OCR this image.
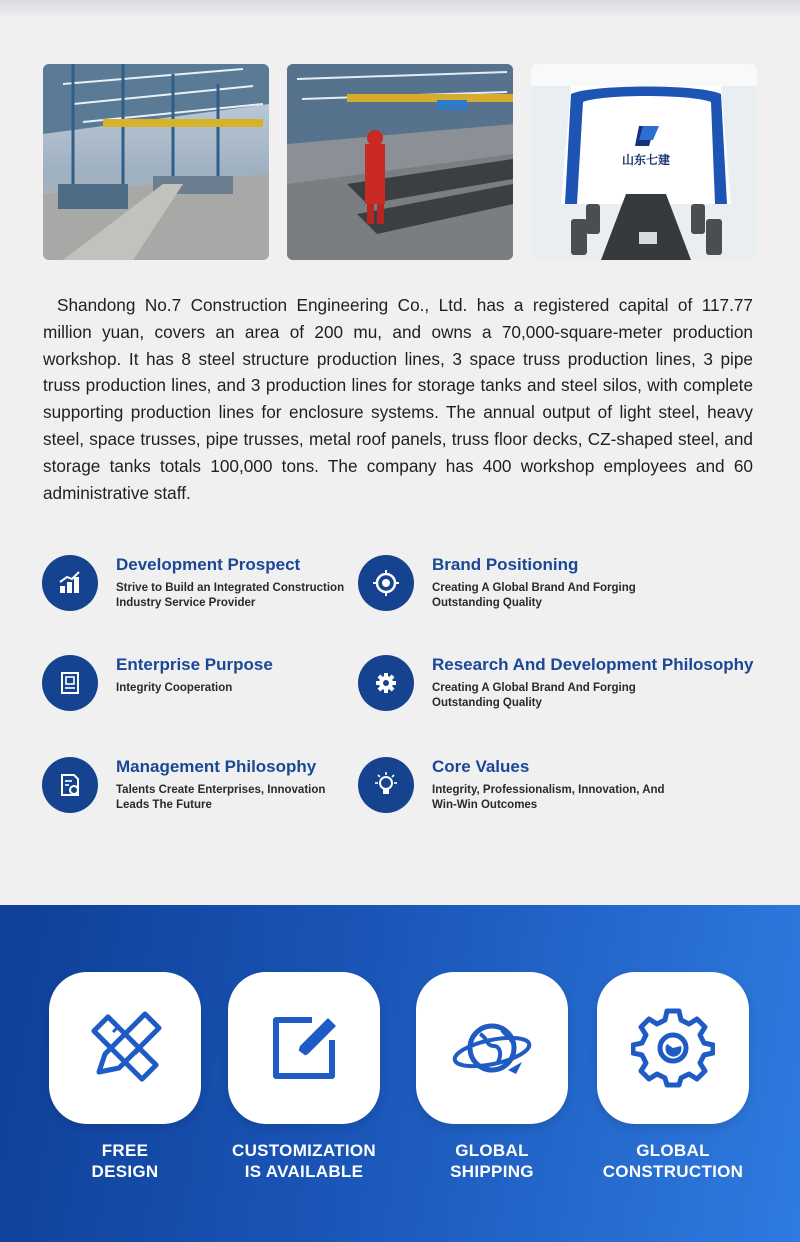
山东七建

Shandong No.7 Construction Engineering Co., Ltd. has a registered capital of 117.77 million yuan, covers an area of 200 mu, and owns a 70,000-square-meter production workshop. It has 8 steel structure production lines, 3 space truss production lines, 3 pipe truss production lines, and 3 production lines for storage tanks and steel silos, with complete supporting production lines for enclosure systems. The annual output of light steel, heavy steel, space trusses, pipe trusses, metal roof panels, truss floor decks, CZ-shaped steel, and storage tanks totals 100,000 tons. The company has 400 workshop employees and 60 administrative staff.

Development Prospect
Strive to Build an Integrated Construction Industry Service Provider
Brand Positioning
Creating A Global Brand And Forging Outstanding Quality
Enterprise Purpose
Integrity Cooperation
Research And Development Philosophy
Creating A Global Brand And Forging Outstanding Quality
Management Philosophy
Talents Create Enterprises, Innovation Leads The Future
Core Values
Integrity, Professionalism, Innovation, And Win-Win Outcomes
FREE
DESIGN
CUSTOMIZATION
IS AVAILABLE
GLOBAL
SHIPPING
GLOBAL
CONSTRUCTION
